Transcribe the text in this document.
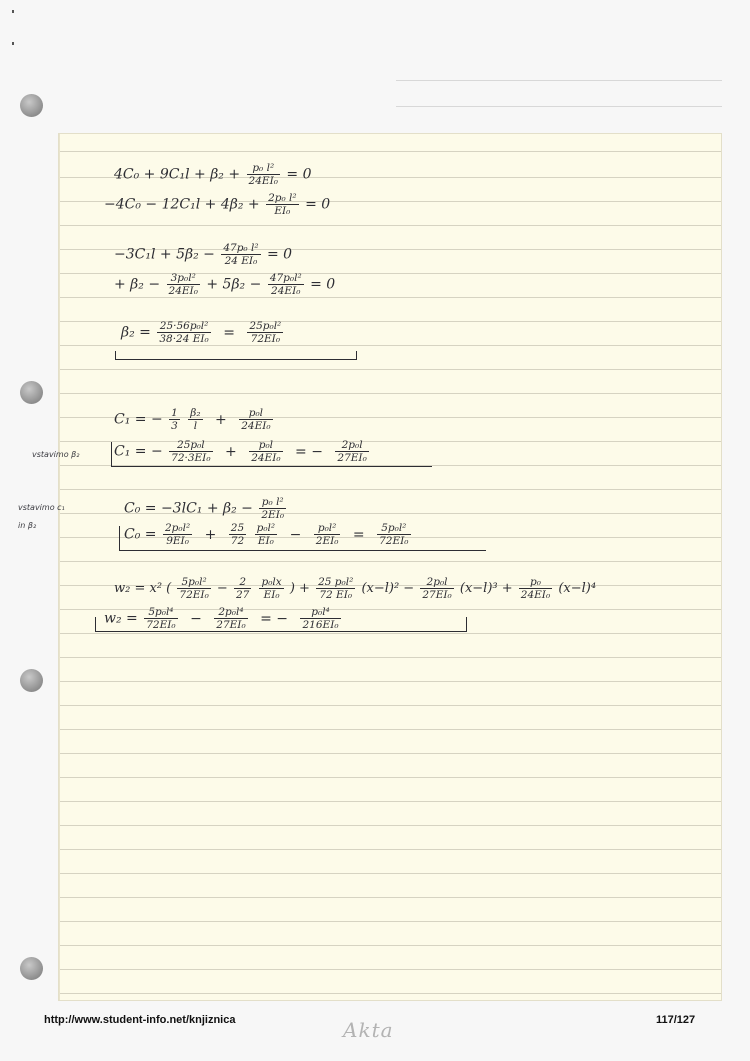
$4C_0 + 9C_1l + \beta_2 + \frac{\text{p₀ l²}}{\text{24EI₀}} = 0$
$-4C_0 - 12C_1l + 4\beta_2 + \frac{\text{2p₀ l²}}{\text{EI₀}} = 0$
$-3C_1l + 5\beta_2 - \frac{\text{47p₀ l²}}{\text{24 EI₀}} = 0$
+ $\beta_2 - \frac{\text{3p₀l²}}{\text{24EI₀}} + 5\beta_2 - \frac{\text{47p₀l²}}{\text{24EI₀}} = 0$
$\beta_2 = \frac{\text{25·56p₀l²}}{\text{38·24 EI₀}} = \frac{\text{25p₀l²}}{\text{72EI₀}}$
C₁ = − $\frac{1}{3}$
$\frac{\text{β₂}}{l} + \frac{\text{p₀l}}{\text{24EI₀}}$
C₁ = − $\frac{\text{25p₀l}}{\text{72·3EI₀}} + \frac{\text{p₀l}}{\text{24EI₀}}$ = − $\frac{\text{2p₀l}}{\text{27EI₀}}$
$C_0 = -3lC_1 + \beta_2 - \frac{\text{p₀ l²}}{\text{2EI₀}}$
$C_0 = \frac{\text{2p₀l²}}{\text{9EI₀}} + \frac{25}{72}$
$\frac{\text{p₀l²}}{\text{EI₀}} - \frac{\text{p₀l²}}{\text{2EI₀}} = \frac{\text{5p₀l²}}{\text{72EI₀}}$
w₂ = x² ( $\frac{\text{5p₀l²}}{\text{72EI₀}} - \frac{2}{27}$
$\frac{\text{p₀lx}}{\text{EI₀}}$ ) + $\frac{\text{25 p₀l²}}{\text{72 EI₀}} (x-l)^2 - \frac{\text{2p₀l}}{\text{27EI₀}} (x-l)^3 + \frac{\text{p₀}}{\text{24EI₀}} (x-l)^4$
$w_2 = \frac{\text{5p₀l⁴}}{\text{72EI₀}} - \frac{\text{2p₀l⁴}}{\text{27EI₀}}$ = − $\frac{\text{p₀l⁴}}{\text{216EI₀}}$
vstavimo β₂
vstavimo c₁
in β₂
http://www.student-info.net/knjiznica	Akta	117/127
